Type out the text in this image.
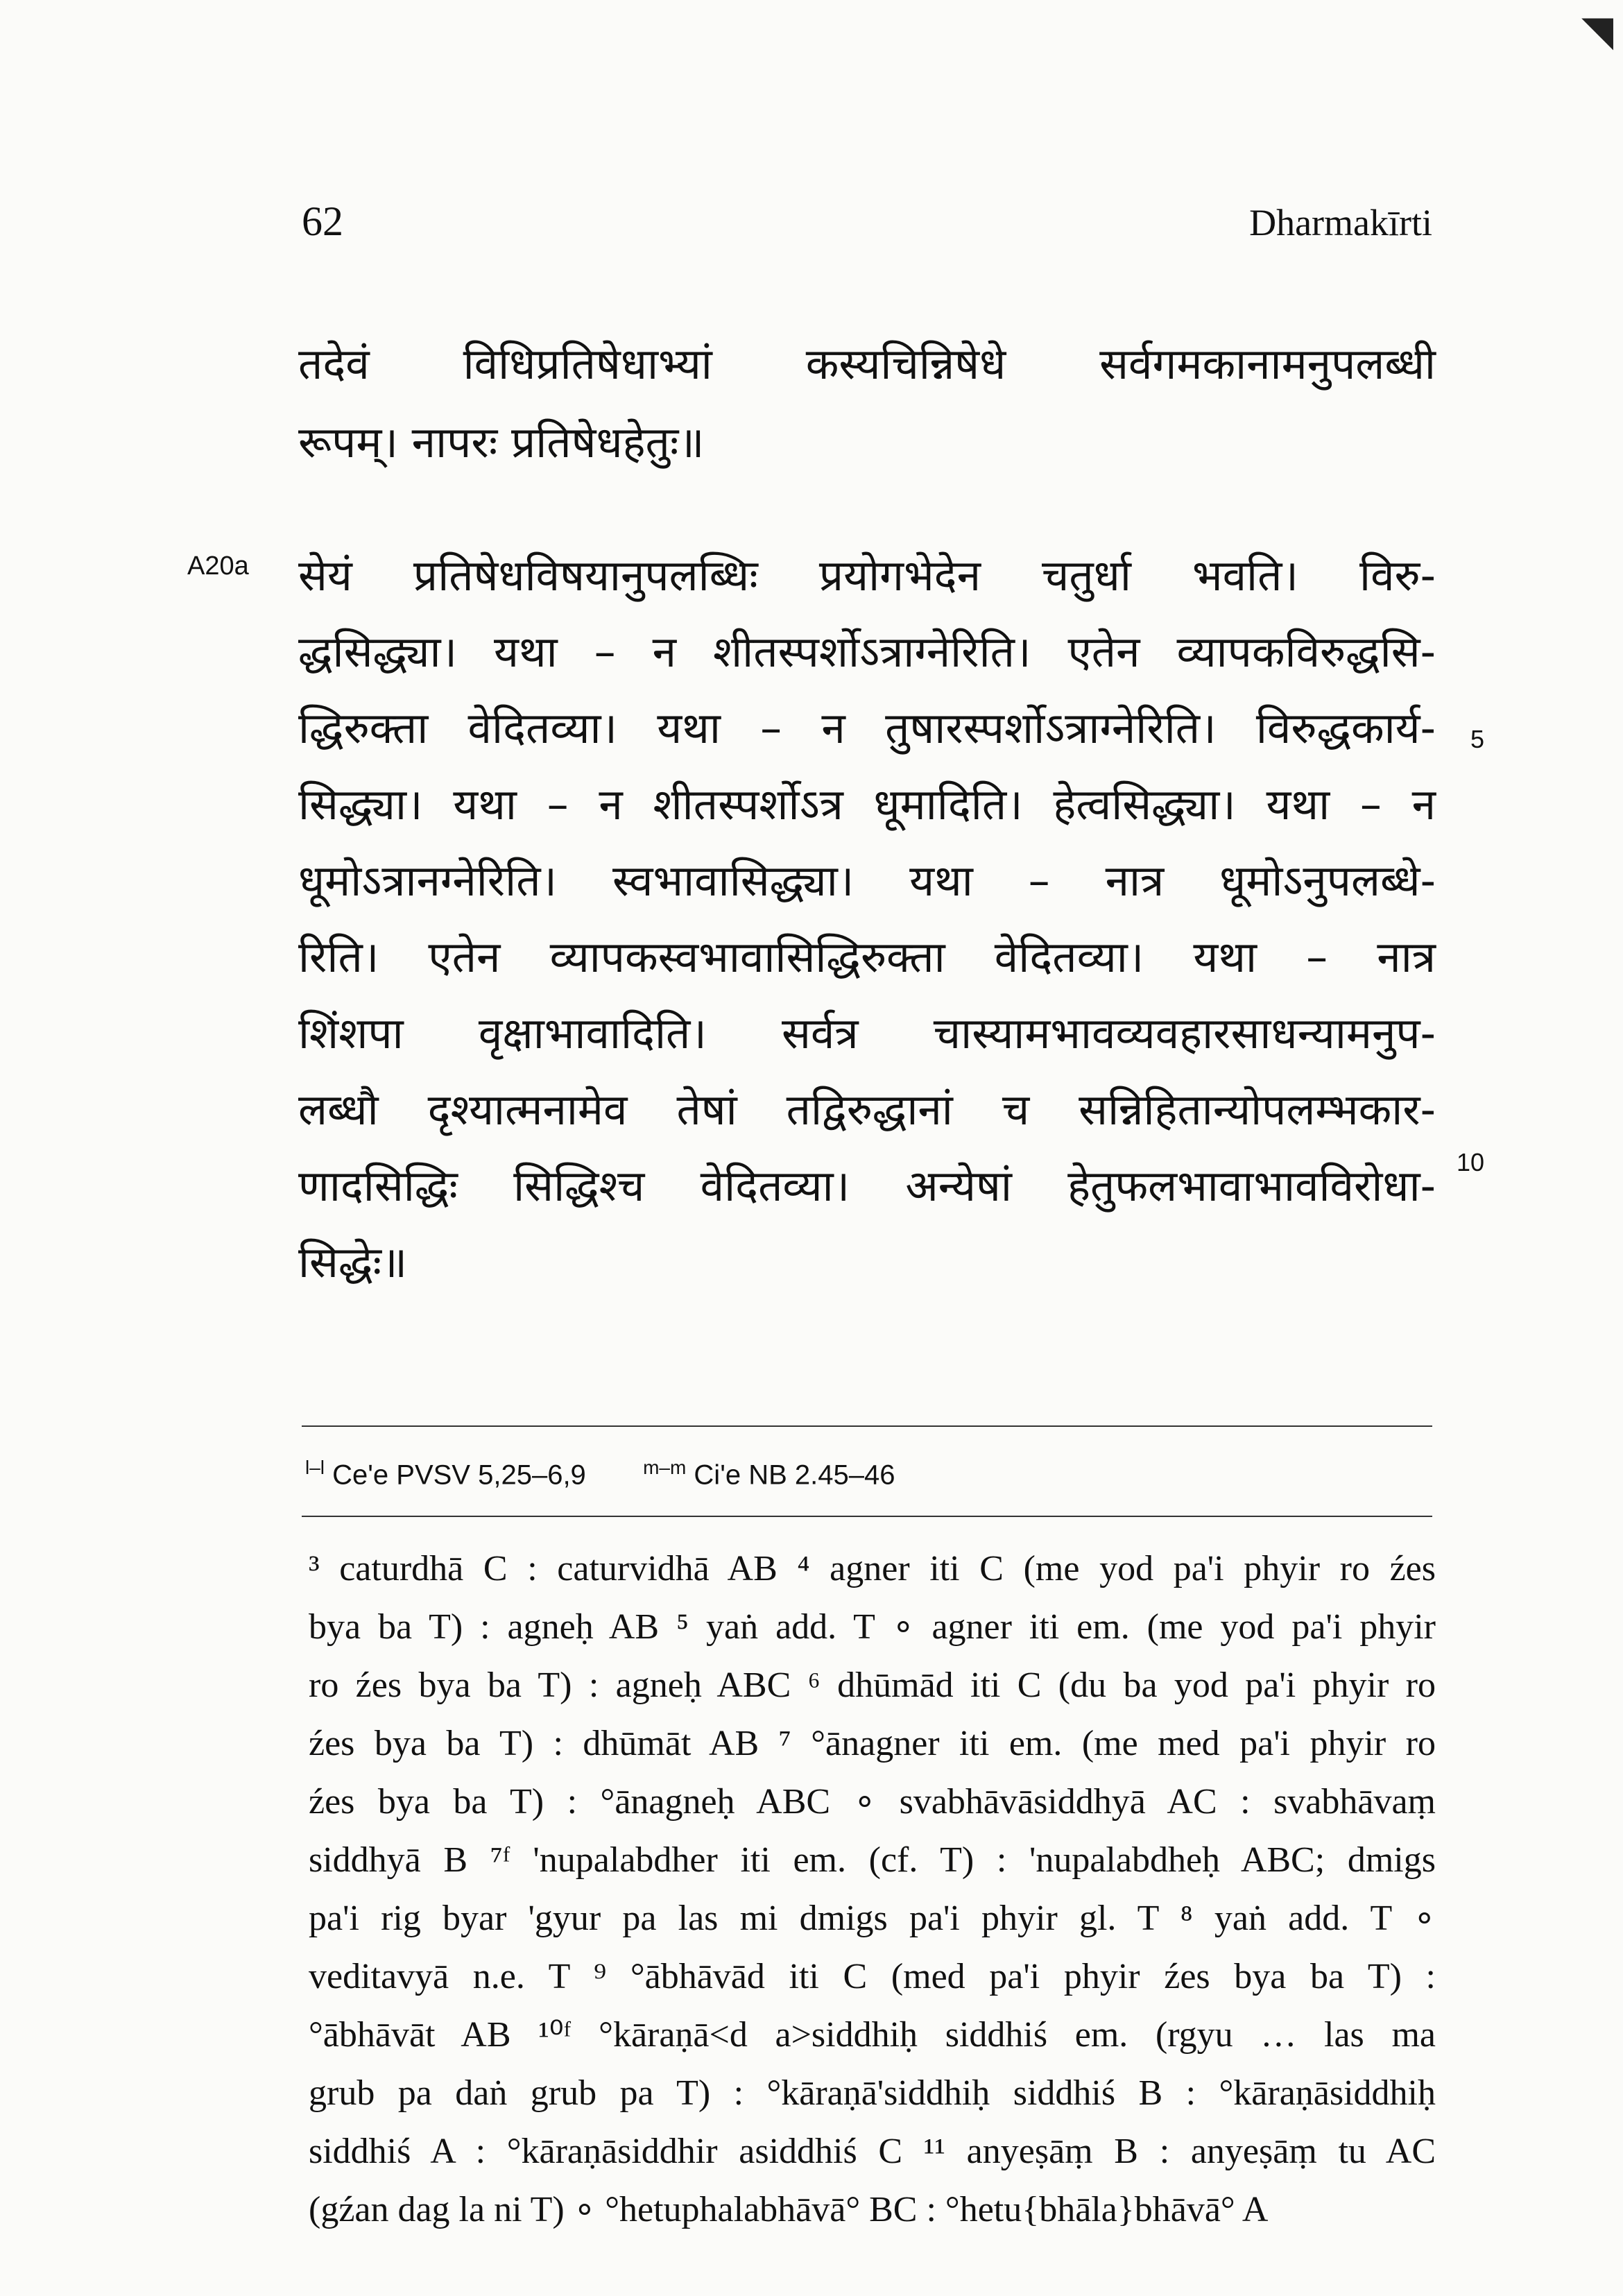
◥
62	Dharmakīrti
A20a
तदेवं विधिप्रतिषेधाभ्यां कस्यचिन्निषेधे सर्वगमकानामनुपलब्धी
रूपम्। नापरः प्रतिषेधहेतुः॥
सेयं प्रतिषेधविषयानुपलब्धिः प्रयोगभेदेन चतुर्धा भवति। विरु-
द्धसिद्ध्या। यथा – न शीतस्पर्शोऽत्राग्नेरिति। एतेन व्यापकविरुद्धसि-
द्धिरुक्ता वेदितव्या। यथा – न तुषारस्पर्शोऽत्राग्नेरिति। विरुद्धकार्य-
सिद्ध्या। यथा – न शीतस्पर्शोऽत्र धूमादिति। हेत्वसिद्ध्या। यथा – न
धूमोऽत्रानग्नेरिति। स्वभावासिद्ध्या। यथा – नात्र धूमोऽनुपलब्धे-
रिति। एतेन व्यापकस्वभावासिद्धिरुक्ता वेदितव्या। यथा – नात्र
शिंशपा वृक्षाभावादिति। सर्वत्र चास्यामभावव्यवहारसाधन्यामनुप-
लब्धौ दृश्यात्मनामेव तेषां तद्विरुद्धानां च सन्निहितान्योपलम्भकार-
णादसिद्धिः सिद्धिश्च वेदितव्या। अन्येषां हेतुफलभावाभावविरोधा-
सिद्धेः॥
5
10
$^{l-l}$ Ce'e PVSV 5,25–6,9	$^{m-m}$ Ci'e NB 2.45–46
³ caturdhā C : caturvidhā AB ⁴ agner iti C (me yod pa'i phyir ro źes
bya ba T) : agneḥ AB ⁵ yaṅ add. T ∘ agner iti em. (me yod pa'i phyir
ro źes bya ba T) : agneḥ ABC ⁶ dhūmād iti C (du ba yod pa'i phyir ro
źes bya ba T) : dhūmāt AB ⁷ °ānagner iti em. (me med pa'i phyir ro
źes bya ba T) : °ānagneḥ ABC ∘ svabhāvāsiddhyā AC : svabhāvaṃ
siddhyā B ⁷ᶠ 'nupalabdher iti em. (cf. T) : 'nupalabdheḥ ABC; dmigs
pa'i rig byar 'gyur pa las mi dmigs pa'i phyir gl. T ⁸ yaṅ add. T ∘
veditavyā n.e. T ⁹ °ābhāvād iti C (med pa'i phyir źes bya ba T) :
°ābhāvāt AB ¹⁰ᶠ °kāraṇā<d a>siddhiḥ siddhiś em. (rgyu … las ma
grub pa daṅ grub pa T) : °kāraṇā'siddhiḥ siddhiś B : °kāraṇāsiddhiḥ
siddhiś A : °kāraṇāsiddhir asiddhiś C ¹¹ anyeṣāṃ B : anyeṣāṃ tu AC
(gźan dag la ni T) ∘ °hetuphalabhāvā° BC : °hetu{bhāla}bhāvā° A
